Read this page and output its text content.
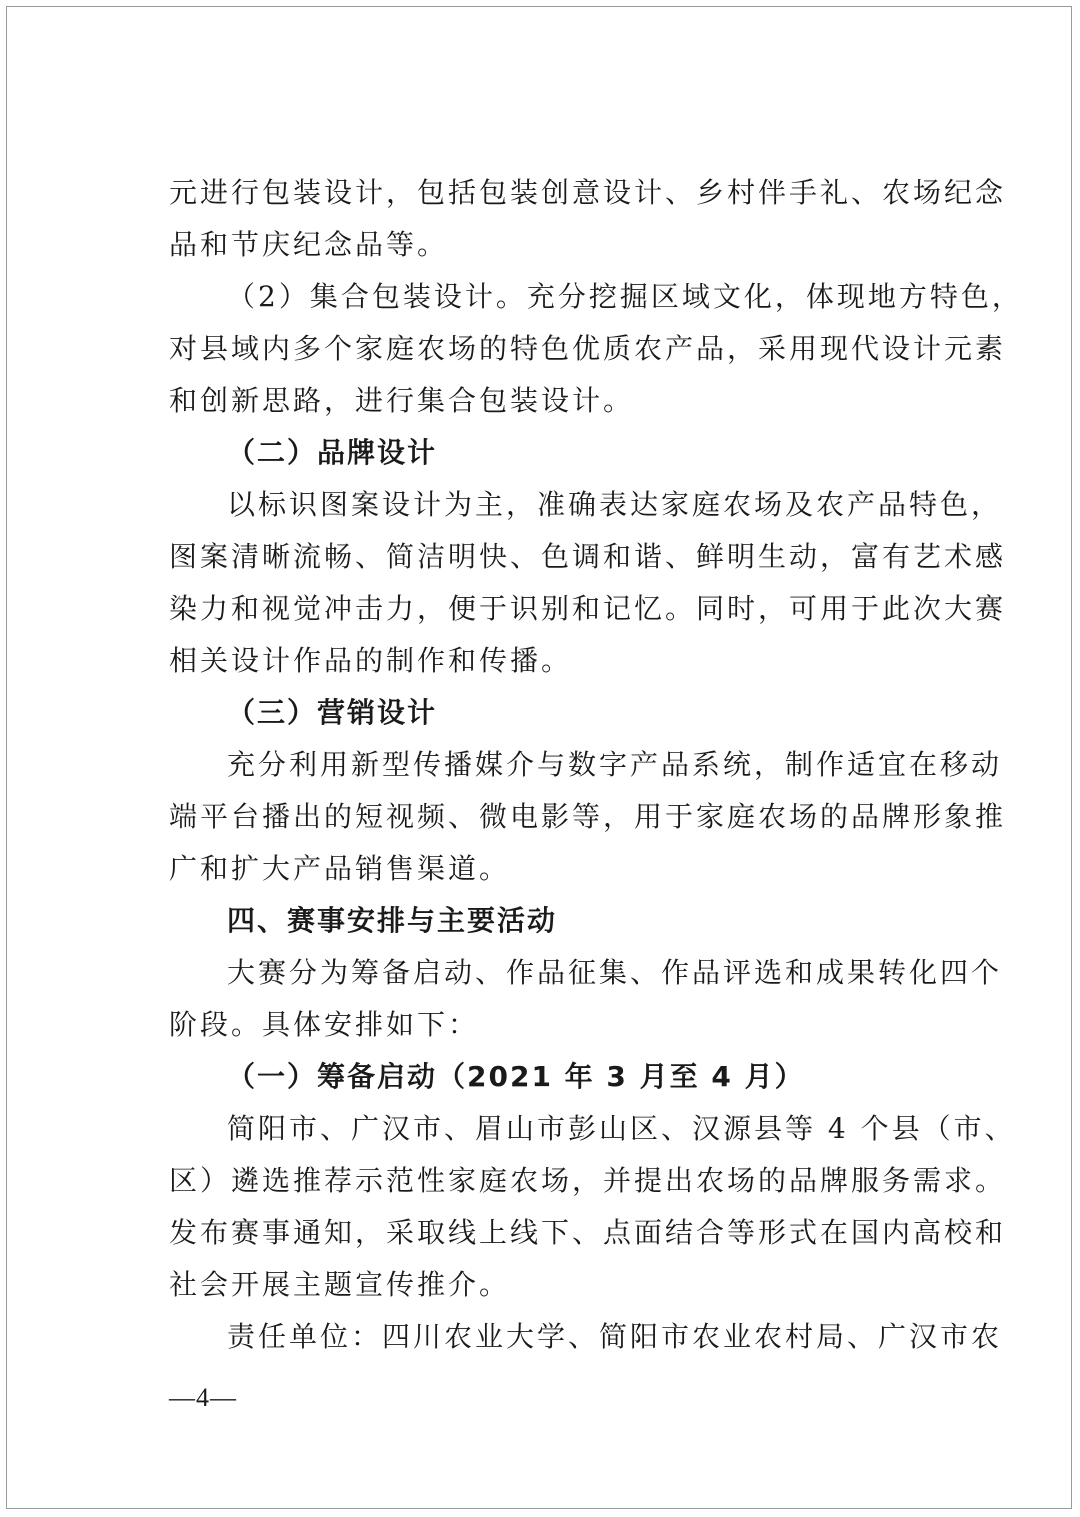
元进行包装设计，包括包装创意设计、乡村伴手礼、农场纪念
品和节庆纪念品等。
（2）集合包装设计。充分挖掘区域文化，体现地方特色，
对县域内多个家庭农场的特色优质农产品，采用现代设计元素
和创新思路，进行集合包装设计。
（二）品牌设计
以标识图案设计为主，准确表达家庭农场及农产品特色，
图案清晰流畅、简洁明快、色调和谐、鲜明生动，富有艺术感
染力和视觉冲击力，便于识别和记忆。同时，可用于此次大赛
相关设计作品的制作和传播。
（三）营销设计
充分利用新型传播媒介与数字产品系统，制作适宜在移动
端平台播出的短视频、微电影等，用于家庭农场的品牌形象推
广和扩大产品销售渠道。
四、赛事安排与主要活动
大赛分为筹备启动、作品征集、作品评选和成果转化四个
阶段。具体安排如下：
（一）筹备启动（2021 年 3 月至 4 月）
简阳市、广汉市、眉山市彭山区、汉源县等 4 个县（市、
区）遴选推荐示范性家庭农场，并提出农场的品牌服务需求。
发布赛事通知，采取线上线下、点面结合等形式在国内高校和
社会开展主题宣传推介。
责任单位：四川农业大学、简阳市农业农村局、广汉市农
—4—
